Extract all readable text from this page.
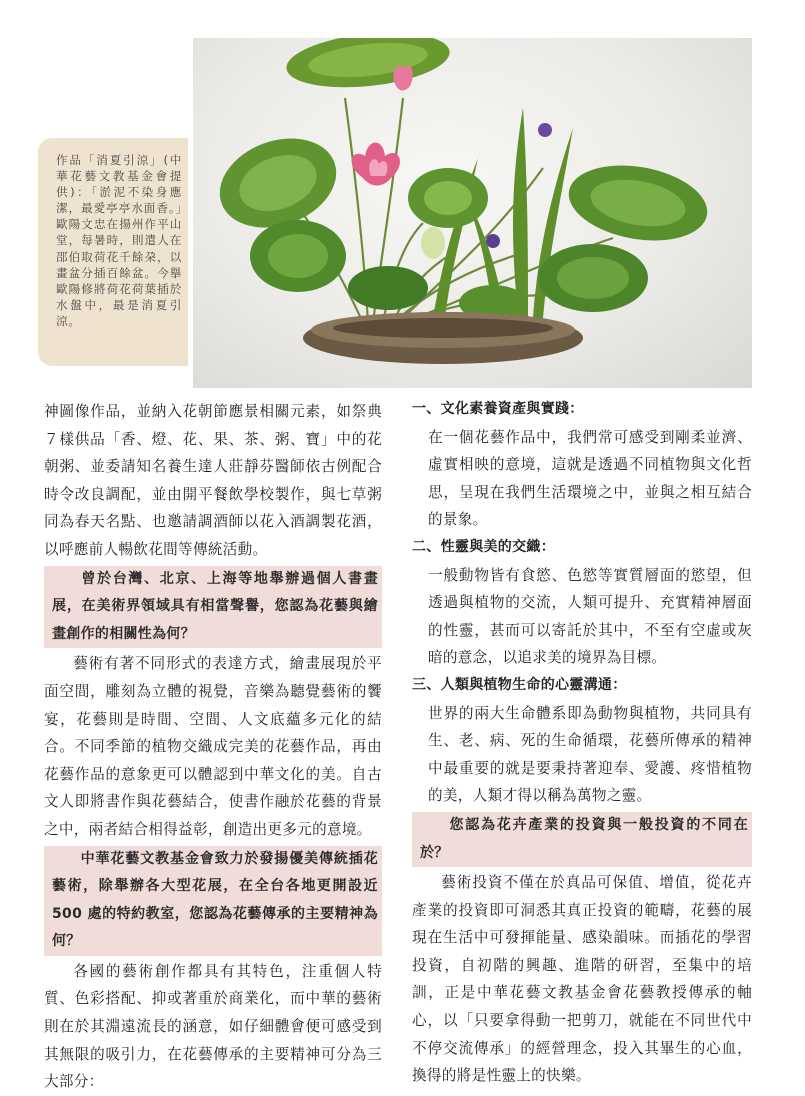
作品「消夏引涼」(中華花藝文教基金會提供)：「淤泥不染身應潔，最愛亭亭水面香。」歐陽文忠在揚州作平山堂，每暑時，則遣人在邵伯取荷花千餘朶，以畫盆分插百餘盆。今擧歐陽修將荷花荷葉插於水盤中，最是消夏引涼。

神圖像作品，並納入花朝節應景相關元素，如祭典７樣供品「香、燈、花、果、茶、粥、寶」中的花朝粥、並委請知名養生達人莊靜芬醫師依古例配合時令改良調配，並由開平餐飲學校製作，與七草粥同為春天名點、也邀請調酒師以花入酒調製花酒，以呼應前人暢飲花間等傳統活動。

曾於台灣、北京、上海等地舉辦過個人書畫展，在美術界領域具有相當聲譽，您認為花藝與繪畫創作的相關性為何？

藝術有著不同形式的表達方式，繪畫展現於平面空間，雕刻為立體的視覺，音樂為聽覺藝術的饗宴，花藝則是時間、空間、人文底蘊多元化的結合。不同季節的植物交織成完美的花藝作品，再由花藝作品的意象更可以體認到中華文化的美。自古文人即將書作與花藝結合，使書作融於花藝的背景之中，兩者結合相得益彰，創造出更多元的意境。

中華花藝文教基金會致力於發揚優美傳統插花藝術，除舉辦各大型花展，在全台各地更開設近 500 處的特約教室，您認為花藝傳承的主要精神為何？

各國的藝術創作都具有其特色，注重個人特質、色彩搭配、抑或著重於商業化，而中華的藝術則在於其淵遠流長的涵意，如仔細體會便可感受到其無限的吸引力，在花藝傳承的主要精神可分為三大部分：

一、文化素養資產與實踐：

在一個花藝作品中，我們常可感受到剛柔並濟、虛實相映的意境，這就是透過不同植物與文化哲思，呈現在我們生活環境之中，並與之相互結合的景象。

二、性靈與美的交織：

一般動物皆有食慾、色慾等實質層面的慾望，但透過與植物的交流，人類可提升、充實精神層面的性靈，甚而可以寄託於其中，不至有空虛或灰暗的意念，以追求美的境界為目標。

三、人類與植物生命的心靈溝通：

世界的兩大生命體系即為動物與植物，共同具有生、老、病、死的生命循環，花藝所傳承的精神中最重要的就是要秉持著迎奉、愛護、疼惜植物的美，人類才得以稱為萬物之靈。

您認為花卉產業的投資與一般投資的不同在於？

藝術投資不僅在於真品可保值、增值，從花卉產業的投資即可洞悉其真正投資的範疇，花藝的展現在生活中可發揮能量、感染韻味。而插花的學習投資，自初階的興趣、進階的研習，至集中的培訓，正是中華花藝文教基金會花藝教授傳承的軸心，以「只要拿得動一把剪刀，就能在不同世代中不停交流傳承」的經營理念，投入其畢生的心血，換得的將是性靈上的快樂。
